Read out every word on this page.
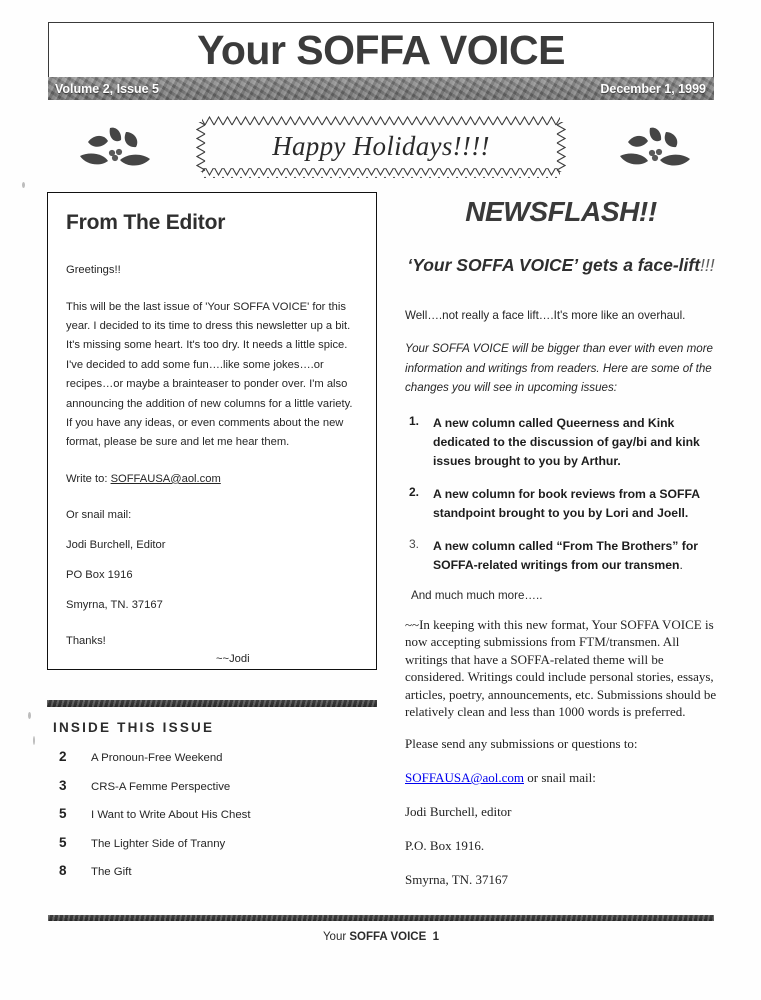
Your SOFFA VOICE
Volume 2, Issue 5	December 1, 1999
Happy Holidays!!!!
From The Editor

Greetings!!

This will be the last issue of 'Your SOFFA VOICE' for this year. I decided to its time to dress this newsletter up a bit. It's missing some heart. It's too dry. It needs a little spice. I've decided to add some fun….like some jokes….or recipes…or maybe a brainteaser to ponder over. I'm also announcing the addition of new columns for a little variety. If you have any ideas, or even comments about the new format, please be sure and let me hear them.

Write to: SOFFAUSA@aol.com

Or snail mail:

Jodi Burchell, Editor

PO Box 1916

Smyrna, TN. 37167

Thanks!

~~Jodi

INSIDE THIS ISSUE
2	A Pronoun-Free Weekend
3	CRS-A Femme Perspective
5	I Want to Write About His Chest
5	The Lighter Side of Tranny
8	The Gift
NEWSFLASH!!
‘Your SOFFA VOICE’ gets a face-lift!!!

Well….not really a face lift….It's more like an overhaul.

Your SOFFA VOICE will be bigger than ever with even more information and writings from readers. Here are some of the changes you will see in upcoming issues:

1.	A new column called Queerness and Kink dedicated to the discussion of gay/bi and kink issues brought to you by Arthur.
2.	A new column for book reviews from a SOFFA standpoint brought to you by Lori and Joell.
3.	A new column called “From The Brothers” for SOFFA-related writings from our transmen.

And much much more…..

~~In keeping with this new format, Your SOFFA VOICE is now accepting submissions from FTM/transmen. All writings that have a SOFFA-related theme will be considered. Writings could include personal stories, essays, articles, poetry, announcements, etc. Submissions should be relatively clean and less than 1000 words is preferred.

Please send any submissions or questions to:

SOFFAUSA@aol.com or snail mail:

Jodi Burchell, editor

P.O. Box 1916.

Smyrna, TN. 37167

Your SOFFA VOICE 1
